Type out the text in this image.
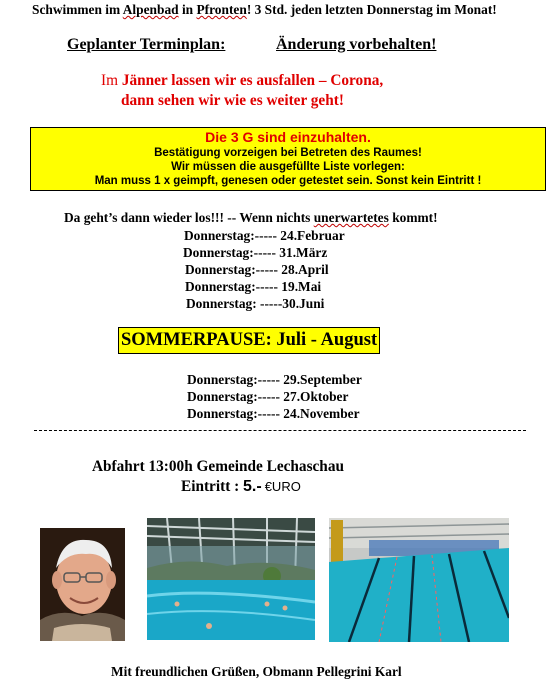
Schwimmen im Alpenbad in Pfronten! 3 Std. jeden letzten Donnerstag im Monat!
Geplanter Terminplan:	Änderung vorbehalten!
Im Jänner lassen wir es ausfallen – Corona,
dann sehen wir wie es weiter geht!
Die 3 G sind einzuhalten.
Bestätigung vorzeigen bei Betreten des Raumes!
Wir müssen die ausgefüllte Liste vorlegen:
Man muss 1 x geimpft, genesen oder getestet sein. Sonst kein Eintritt !
Da geht’s dann wieder los!!! -- Wenn nichts unerwartetes kommt!
Donnerstag:----- 24.Februar
Donnerstag:----- 31.März
Donnerstag:----- 28.April
Donnerstag:----- 19.Mai
Donnerstag: -----30.Juni
SOMMERPAUSE: Juli - August
Donnerstag:----- 29.September
Donnerstag:----- 27.Oktober
Donnerstag:----- 24.November
Abfahrt 13:00h Gemeinde Lechaschau
Eintritt : 5.- €URO
Mit freundlichen Grüßen, Obmann Pellegrini Karl
